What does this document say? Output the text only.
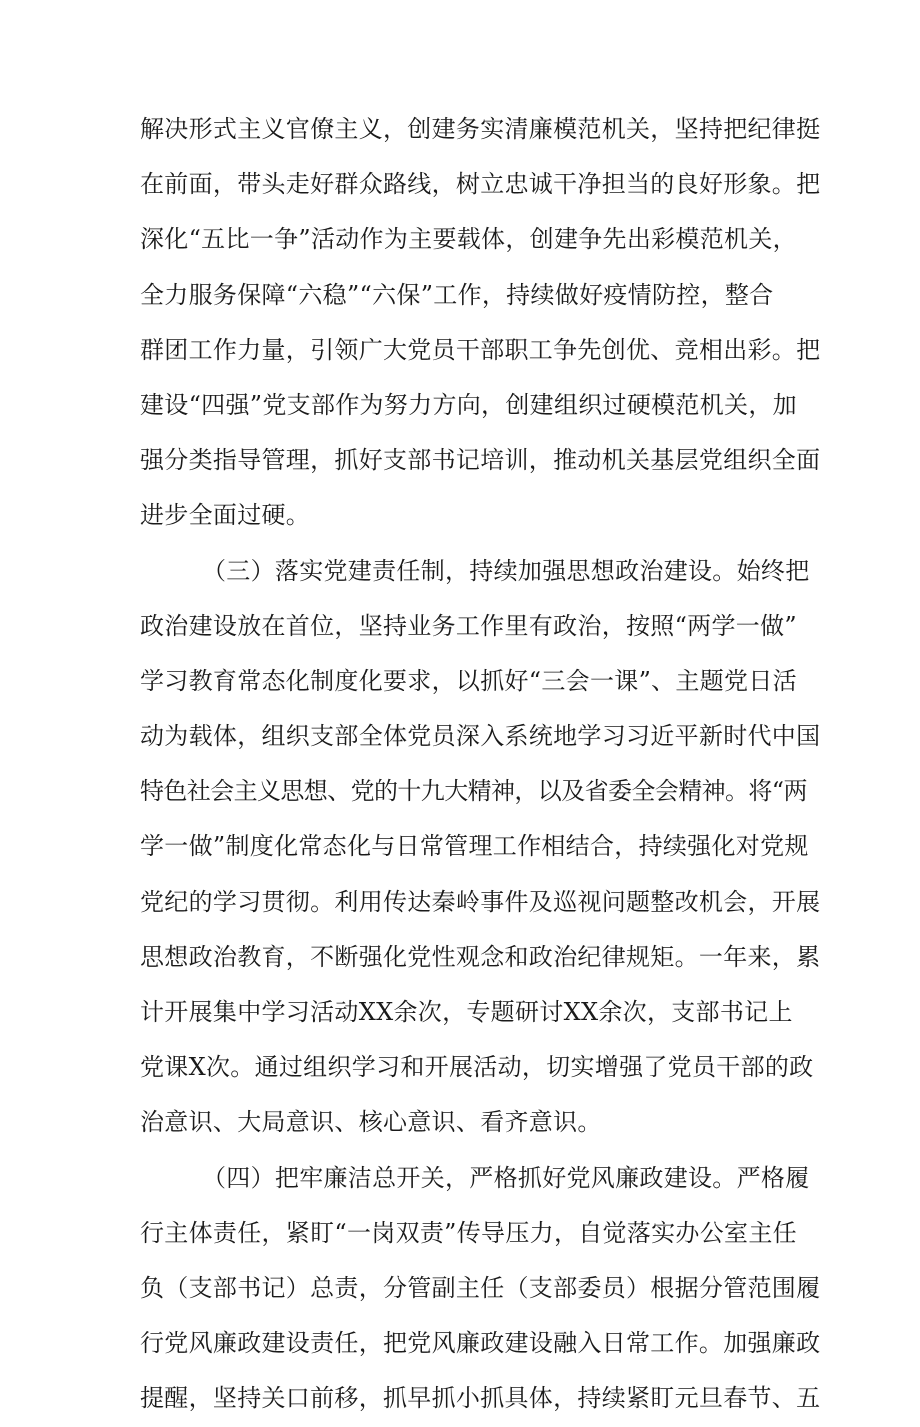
解决形式主义官僚主义，创建务实清廉模范机关，坚持把纪律挺
在前面，带头走好群众路线，树立忠诚干净担当的良好形象。把
深化“五比一争”活动作为主要载体，创建争先出彩模范机关，
全力服务保障“六稳”“六保”工作，持续做好疫情防控，整合
群团工作力量，引领广大党员干部职工争先创优、竞相出彩。把
建设“四强”党支部作为努力方向，创建组织过硬模范机关，加
强分类指导管理，抓好支部书记培训，推动机关基层党组织全面
进步全面过硬。
（三）落实党建责任制，持续加强思想政治建设。始终把
政治建设放在首位，坚持业务工作里有政治，按照“两学一做”
学习教育常态化制度化要求，以抓好“三会一课”、主题党日活
动为载体，组织支部全体党员深入系统地学习习近平新时代中国
特色社会主义思想、党的十九大精神，以及省委全会精神。将“两
学一做”制度化常态化与日常管理工作相结合，持续强化对党规
党纪的学习贯彻。利用传达秦岭事件及巡视问题整改机会，开展
思想政治教育，不断强化党性观念和政治纪律规矩。一年来，累
计开展集中学习活动XX余次，专题研讨XX余次，支部书记上
党课X次。通过组织学习和开展活动，切实增强了党员干部的政
治意识、大局意识、核心意识、看齐意识。
（四）把牢廉洁总开关，严格抓好党风廉政建设。严格履
行主体责任，紧盯“一岗双责”传导压力，自觉落实办公室主任
负（支部书记）总责，分管副主任（支部委员）根据分管范围履
行党风廉政建设责任，把党风廉政建设融入日常工作。加强廉政
提醒，坚持关口前移，抓早抓小抓具体，持续紧盯元旦春节、五
